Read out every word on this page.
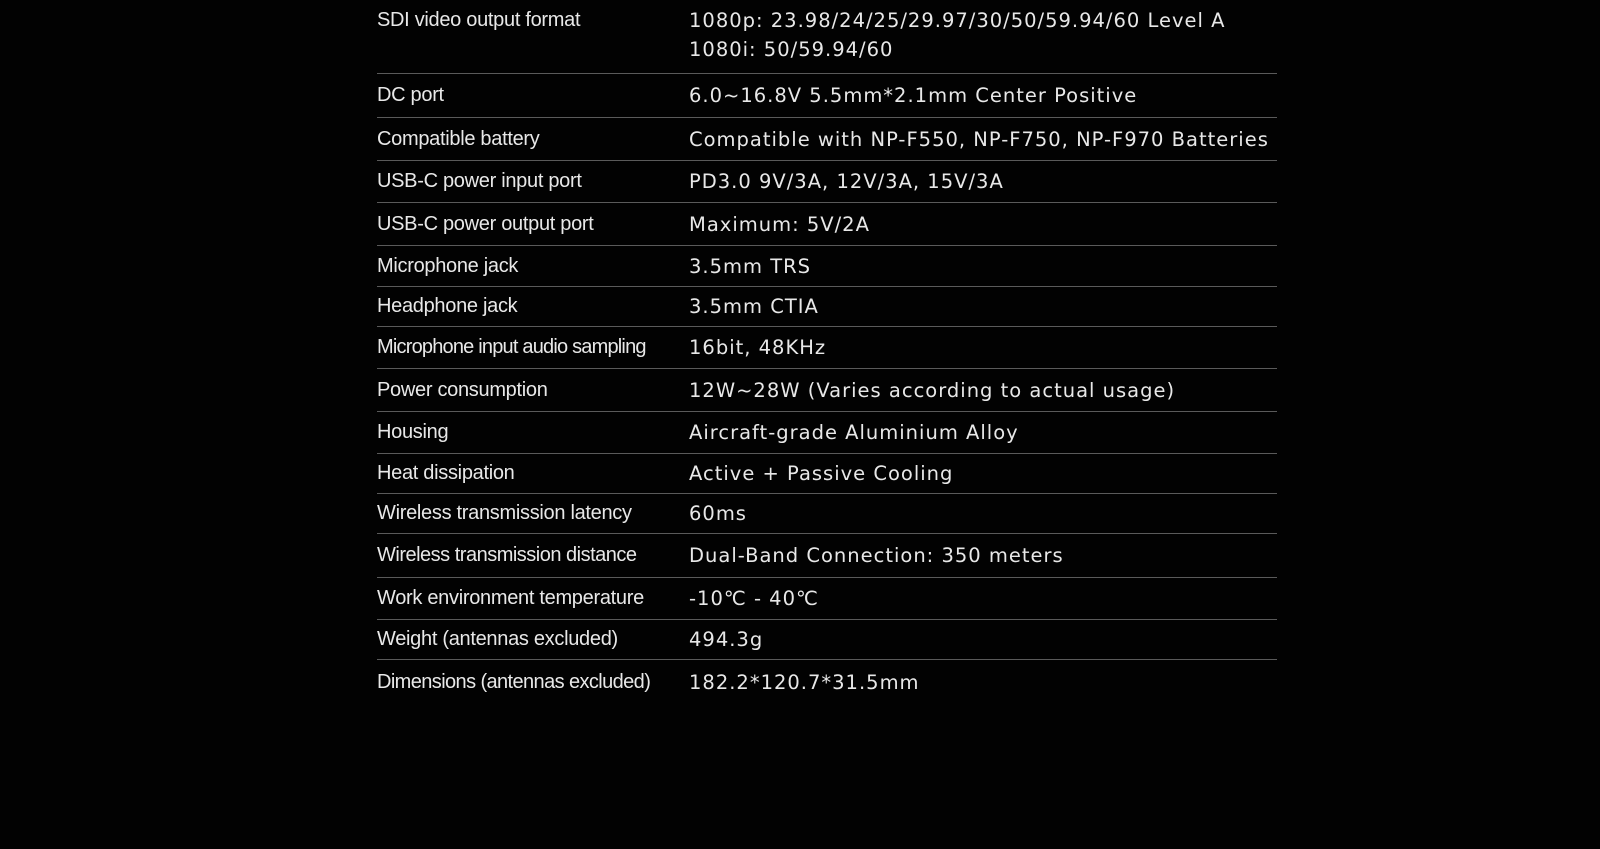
SDI video output format	1080p: 23.98/24/25/29.97/30/50/59.94/60 Level A
1080i: 50/59.94/60
DC port	6.0~16.8V 5.5mm*2.1mm Center Positive
Compatible battery	Compatible with NP-F550, NP-F750, NP-F970 Batteries
USB-C power input port	PD3.0 9V/3A, 12V/3A, 15V/3A
USB-C power output port	Maximum: 5V/2A
Microphone jack	3.5mm TRS
Headphone jack	3.5mm CTIA
Microphone input audio sampling	16bit, 48KHz
Power consumption	12W~28W (Varies according to actual usage)
Housing	Aircraft-grade Aluminium Alloy
Heat dissipation	Active + Passive Cooling
Wireless transmission latency	60ms
Wireless transmission distance	Dual-Band Connection: 350 meters
Work environment temperature	-10℃ - 40℃
Weight (antennas excluded)	494.3g
Dimensions (antennas excluded)	182.2*120.7*31.5mm
